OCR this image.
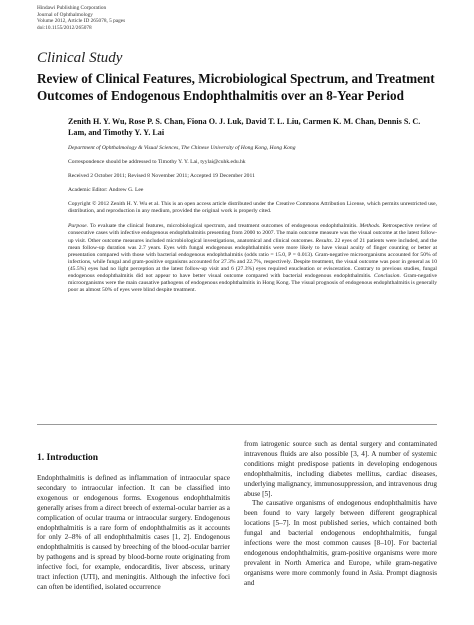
Hindawi Publishing Corporation
Journal of Ophthalmology
Volume 2012, Article ID 265078, 5 pages
doi:10.1155/2012/265078
Clinical Study
Review of Clinical Features, Microbiological Spectrum, and Treatment Outcomes of Endogenous Endophthalmitis over an 8-Year Period
Zenith H. Y. Wu, Rose P. S. Chan, Fiona O. J. Luk, David T. L. Liu, Carmen K. M. Chan, Dennis S. C. Lam, and Timothy Y. Y. Lai
Department of Ophthalmology & Visual Sciences, The Chinese University of Hong Kong, Hong Kong
Correspondence should be addressed to Timothy Y. Y. Lai, tyylai@cuhk.edu.hk
Received 2 October 2011; Revised 8 November 2011; Accepted 19 December 2011
Academic Editor: Andrew G. Lee
Copyright © 2012 Zenith H. Y. Wu et al. This is an open access article distributed under the Creative Commons Attribution License, which permits unrestricted use, distribution, and reproduction in any medium, provided the original work is properly cited.
Purpose. To evaluate the clinical features, microbiological spectrum, and treatment outcomes of endogenous endophthalmitis. Methods. Retrospective review of consecutive cases with infective endogenous endophthalmitis presenting from 2000 to 2007. The main outcome measure was the visual outcome at the latest follow-up visit. Other outcome measures included microbiological investigations, anatomical and clinical outcomes. Results. 22 eyes of 21 patients were included, and the mean follow-up duration was 2.7 years. Eyes with fungal endogenous endophthalmitis were more likely to have visual acuity of finger counting or better at presentation compared with those with bacterial endogenous endophthalmitis (odds ratio = 15.0, P = 0.013). Gram-negative microorganisms accounted for 50% of infections, while fungal and gram-positive organisms accounted for 27.3% and 22.7%, respectively. Despite treatment, the visual outcome was poor in general as 10 (45.5%) eyes had no light perception at the latest follow-up visit and 6 (27.3%) eyes required enucleation or evisceration. Contrary to previous studies, fungal endogenous endophthalmitis did not appear to have better visual outcome compared with bacterial endogenous endophthalmitis. Conclusion. Gram-negative microorganisms were the main causative pathogens of endogenous endophthalmitis in Hong Kong. The visual prognosis of endogenous endophthalmitis is generally poor as almost 50% of eyes were blind despite treatment.
1. Introduction

Endophthalmitis is defined as inflammation of intraocular space secondary to intraocular infection. It can be classified into exogenous or endogenous forms. Exogenous endophthalmitis generally arises from a direct breech of external-ocular barrier as a complication of ocular trauma or intraocular surgery. Endogenous endophthalmitis is a rare form of endophthalmitis as it accounts for only 2–8% of all endophthalmitis cases [1, 2]. Endogenous endophthalmitis is caused by breeching of the blood-ocular barrier by pathogens and is spread by blood-borne route originating from infective foci, for example, endocarditis, liver abscess, urinary tract infection (UTI), and meningitis. Although the infective foci can often be identified, isolated occurrence

from iatrogenic source such as dental surgery and contaminated intravenous fluids are also possible [3, 4]. A number of systemic conditions might predispose patients in developing endogenous endophthalmitis, including diabetes mellitus, cardiac diseases, underlying malignancy, immunosuppression, and intravenous drug abuse [5].

The causative organisms of endogenous endophthalmitis have been found to vary largely between different geographical locations [5–7]. In most published series, which contained both fungal and bacterial endogenous endophthalmitis, fungal infections were the most common causes [8–10]. For bacterial endogenous endophthalmitis, gram-positive organisms were more prevalent in North America and Europe, while gram-negative organisms were more commonly found in Asia. Prompt diagnosis and
